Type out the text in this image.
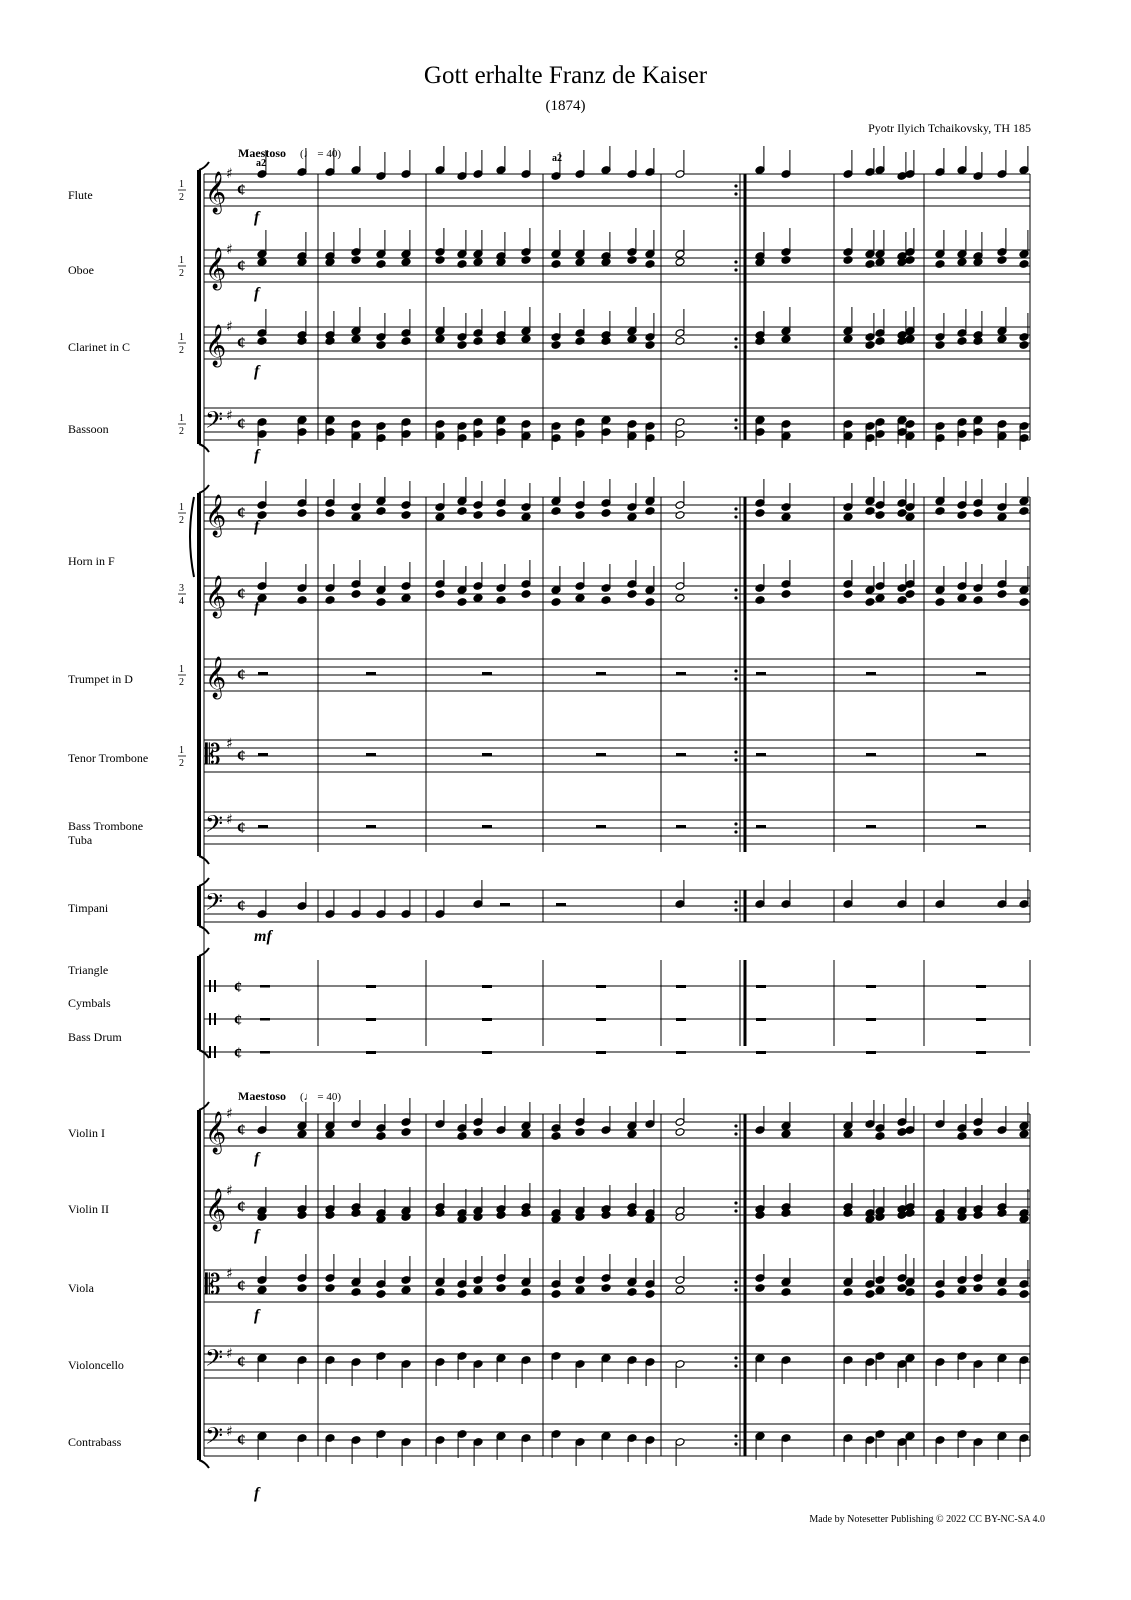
Gott erhalte Franz de Kaiser
(1874)
Pyotr Ilyich Tchaikovsky, TH 185
Made by Notesetter Publishing © 2022 CC BY-NC-SA 4.0
𝄞 ♯
¢
𝄞 ♯
¢
𝄞 ♯
¢
𝄢 ♯ ¢
𝄞 ¢
𝄞 ¢
𝄞 ¢
𝄡 ♯
¢
𝄢 ♯ ¢
𝄢 ¢
¢
¢
¢
𝄞 ♯
¢
𝄞 ♯
¢
𝄡 ♯
¢
𝄢 ♯ ¢
𝄢 ♯ ¢
Flute
Oboe
Clarinet in C
Bassoon
Horn in F
Trumpet in D
Tenor Trombone
Bass Trombone
Tuba
Timpani
Triangle
Cymbals
Bass Drum
Violin I
Violin II
Viola
Violoncello
Contrabass
1
2
1
2
1
2
1
2
1
2
3
4
1
2
1
2
Maestoso (♩ = 40)
Maestoso (♩ = 40)
f
f
f
f
f
f
f
f
f
f
mf
a2	a2
